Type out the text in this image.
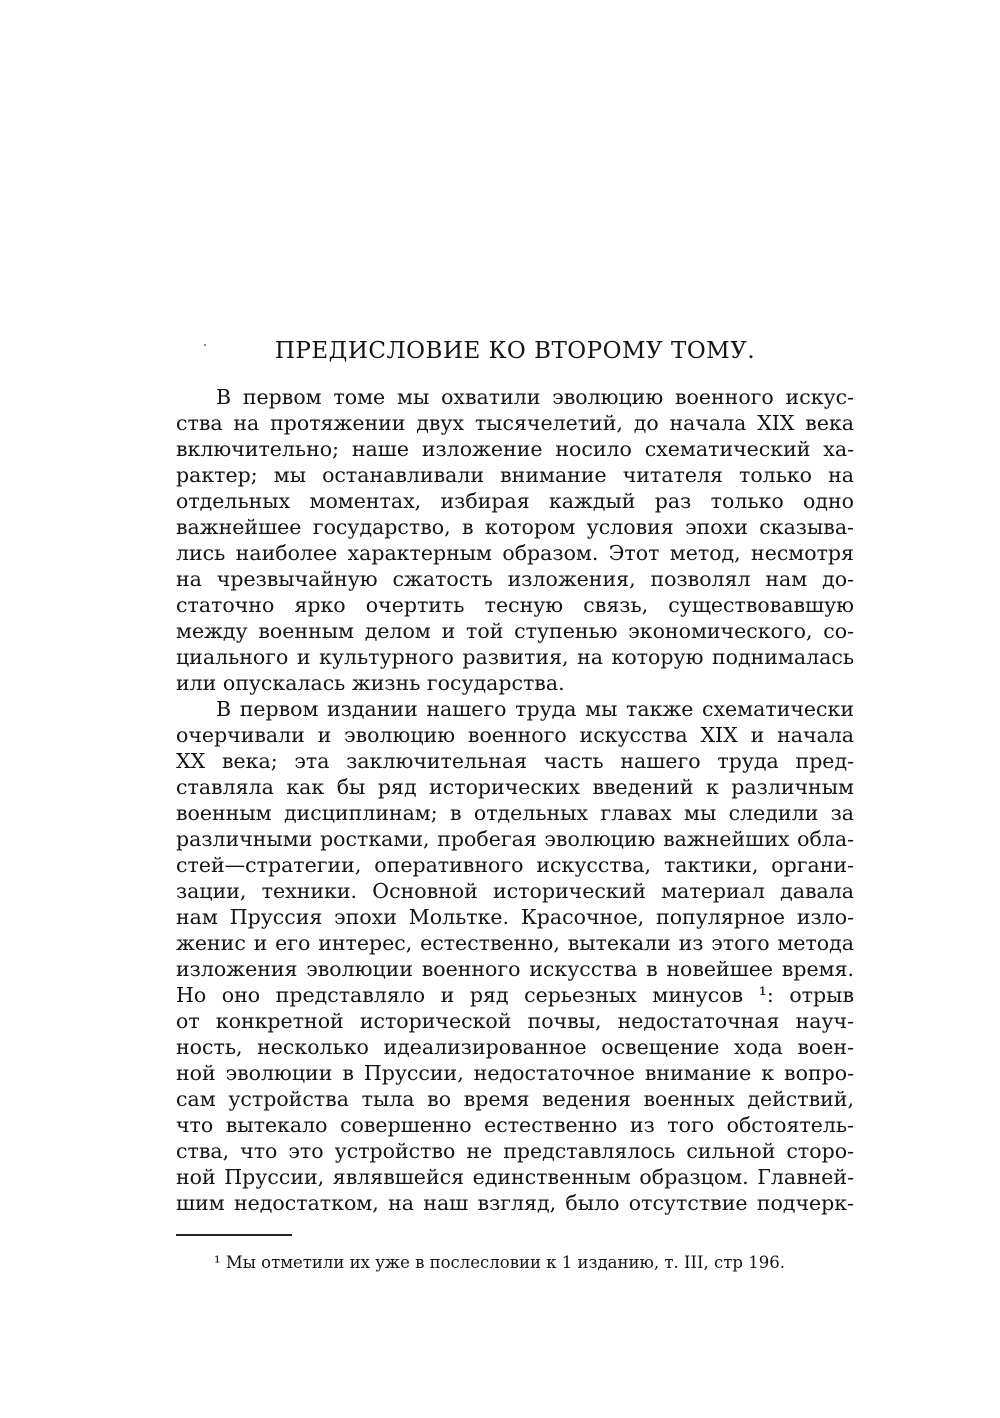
ПРЕДИСЛОВИЕ КО ВТОРОМУ ТОМУ.
В первом томе мы охватили эволюцию военного искус-
ства на протяжении двух тысячелетий, до начала XIX века
включительно; наше изложение носило схематический ха-
рактер; мы останавливали внимание читателя только на
отдельных моментах, избирая каждый раз только одно
важнейшее государство, в котором условия эпохи сказыва-
лись наиболее характерным образом. Этот метод, несмотря
на чрезвычайную сжатость изложения, позволял нам до-
статочно ярко очертить тесную связь, существовавшую
между военным делом и той ступенью экономического, со-
циального и культурного развития, на которую поднималась
или опускалась жизнь государства.
В первом издании нашего труда мы также схематически
очерчивали и эволюцию военного искусства XIX и начала
XX века; эта заключительная часть нашего труда пред-
ставляла как бы ряд исторических введений к различным
военным дисциплинам; в отдельных главах мы следили за
различными ростками, пробегая эволюцию важнейших обла-
стей—стратегии, оперативного искусства, тактики, органи-
зации, техники. Основной исторический материал давала
нам Пруссия эпохи Мольтке. Красочное, популярное изло-
женис и его интерес, естественно, вытекали из этого метода
изложения эволюции военного искусства в новейшее время.
Но оно представляло и ряд серьезных минусов ¹: отрыв
от конкретной исторической почвы, недостаточная науч-
ность, несколько идеализированное освещение хода воен-
ной эволюции в Пруссии, недостаточное внимание к вопро-
сам устройства тыла во время ведения военных действий,
что вытекало совершенно естественно из того обстоятель-
ства, что это устройство не представлялось сильной сторо-
ной Пруссии, являвшейся единственным образцом. Главней-
шим недостатком, на наш взгляд, было отсутствие подчерк-
¹ Мы отметили их уже в послесловии к 1 изданию, т. III, стр 196.
